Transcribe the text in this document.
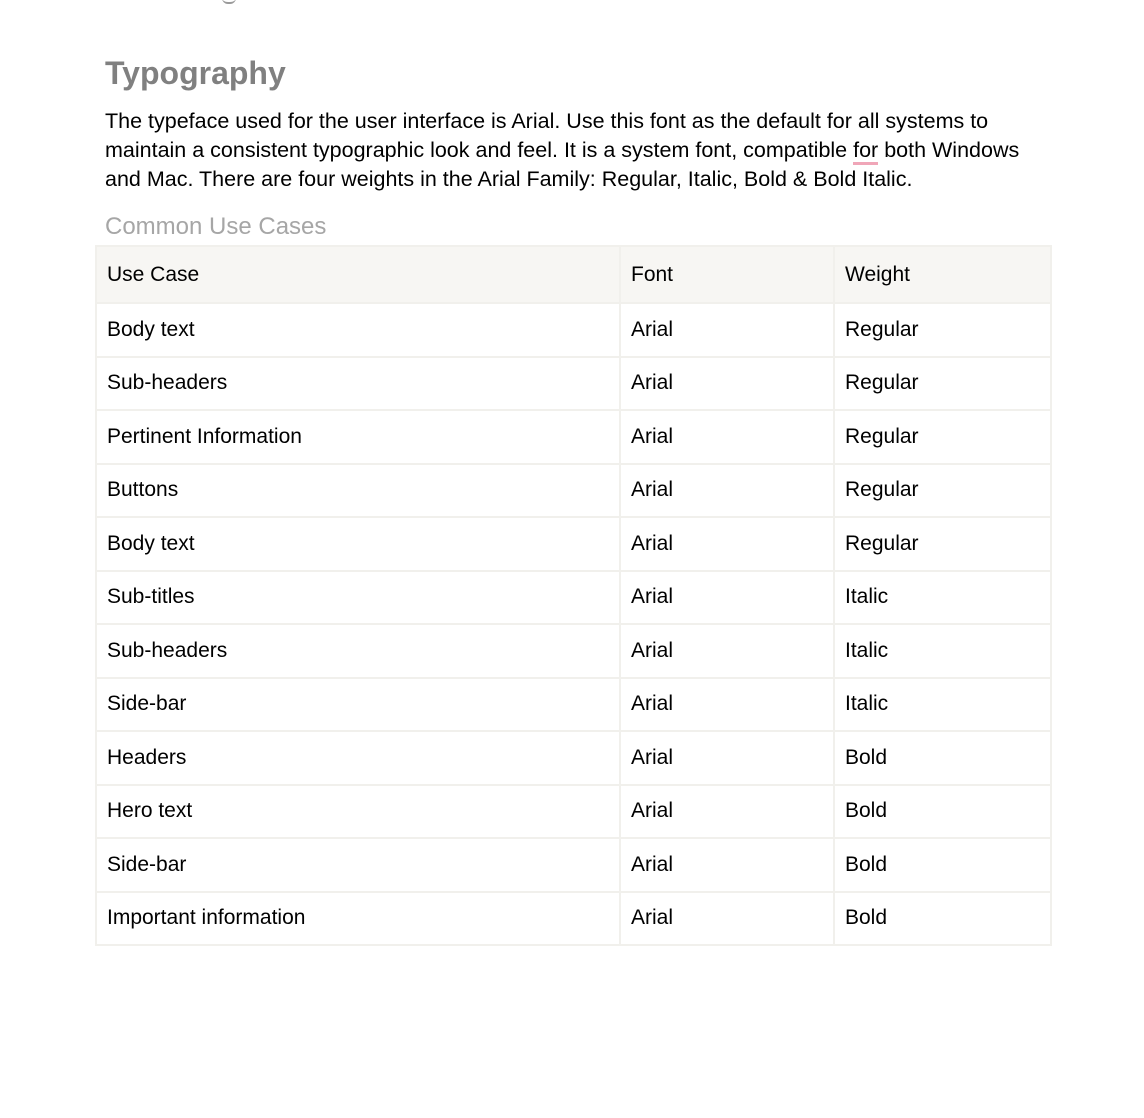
Typography

The typeface used for the user interface is Arial. Use this font as the default for all systems to
maintain a consistent typographic look and feel. It is a system font, compatible for both Windows
and Mac. There are four weights in the Arial Family: Regular, Italic, Bold & Bold Italic.

Common Use Cases
Use Case	Font	Weight
Body text	Arial	Regular
Sub-headers	Arial	Regular
Pertinent Information	Arial	Regular
Buttons	Arial	Regular
Body text	Arial	Regular
Sub-titles	Arial	Italic
Sub-headers	Arial	Italic
Side-bar	Arial	Italic
Headers	Arial	Bold
Hero text	Arial	Bold
Side-bar	Arial	Bold
Important information	Arial	Bold
